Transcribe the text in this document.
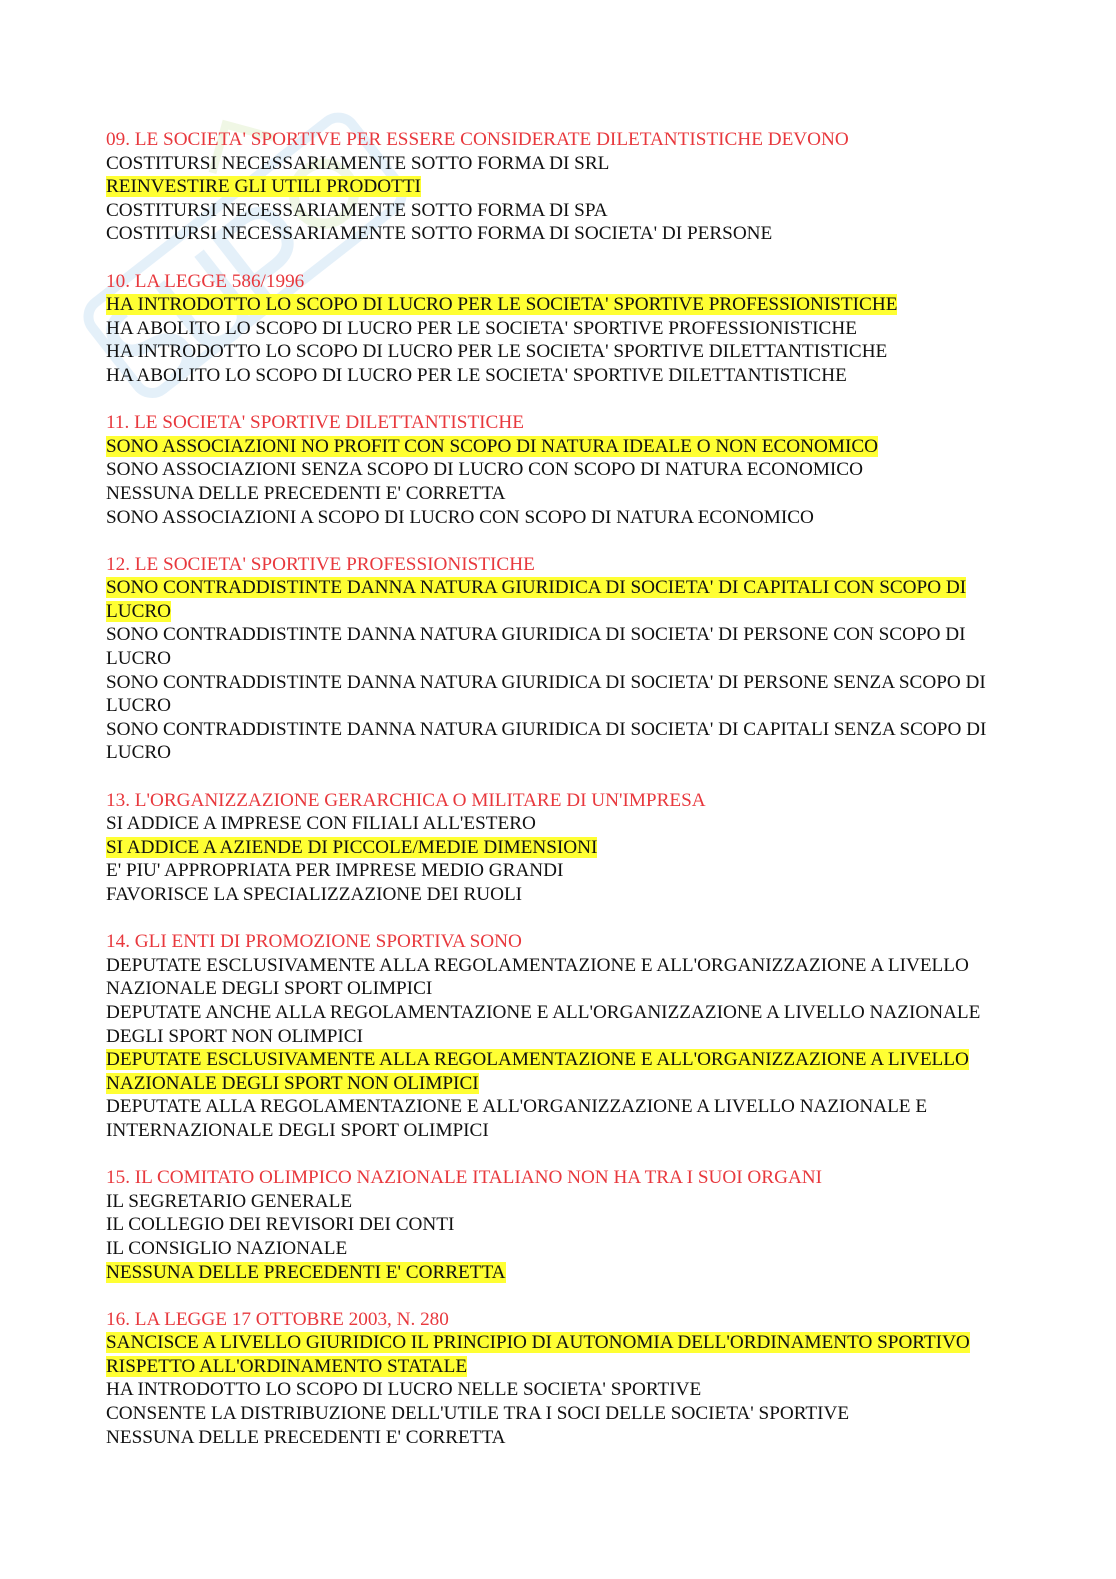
09. LE SOCIETA' SPORTIVE PER ESSERE CONSIDERATE DILETANTISTICHE DEVONO
COSTITURSI NECESSARIAMENTE SOTTO FORMA DI SRL
REINVESTIRE GLI UTILI PRODOTTI
COSTITURSI NECESSARIAMENTE SOTTO FORMA DI SPA
COSTITURSI NECESSARIAMENTE SOTTO FORMA DI SOCIETA' DI PERSONE
10. LA LEGGE 586/1996
HA INTRODOTTO LO SCOPO DI LUCRO PER LE SOCIETA' SPORTIVE PROFESSIONISTICHE
HA ABOLITO LO SCOPO DI LUCRO PER LE SOCIETA' SPORTIVE PROFESSIONISTICHE
HA INTRODOTTO LO SCOPO DI LUCRO PER LE SOCIETA' SPORTIVE DILETTANTISTICHE
HA ABOLITO LO SCOPO DI LUCRO PER LE SOCIETA' SPORTIVE DILETTANTISTICHE
11. LE SOCIETA' SPORTIVE DILETTANTISTICHE
SONO ASSOCIAZIONI NO PROFIT CON SCOPO DI NATURA IDEALE O NON ECONOMICO
SONO ASSOCIAZIONI SENZA SCOPO DI LUCRO CON SCOPO DI NATURA ECONOMICO
NESSUNA DELLE PRECEDENTI E' CORRETTA
SONO ASSOCIAZIONI A SCOPO DI LUCRO CON SCOPO DI NATURA ECONOMICO
12. LE SOCIETA' SPORTIVE PROFESSIONISTICHE
SONO CONTRADDISTINTE DANNA NATURA GIURIDICA DI SOCIETA' DI CAPITALI CON SCOPO DI LUCRO
SONO CONTRADDISTINTE DANNA NATURA GIURIDICA DI SOCIETA' DI PERSONE CON SCOPO DI LUCRO
SONO CONTRADDISTINTE DANNA NATURA GIURIDICA DI SOCIETA' DI PERSONE SENZA SCOPO DI LUCRO
SONO CONTRADDISTINTE DANNA NATURA GIURIDICA DI SOCIETA' DI CAPITALI SENZA SCOPO DI LUCRO
13. L'ORGANIZZAZIONE GERARCHICA O MILITARE DI UN'IMPRESA
SI ADDICE A IMPRESE CON FILIALI ALL'ESTERO
SI ADDICE A AZIENDE DI PICCOLE/MEDIE DIMENSIONI
E' PIU' APPROPRIATA PER IMPRESE MEDIO GRANDI
FAVORISCE LA SPECIALIZZAZIONE DEI RUOLI
14. GLI ENTI DI PROMOZIONE SPORTIVA SONO
DEPUTATE ESCLUSIVAMENTE ALLA REGOLAMENTAZIONE E ALL'ORGANIZZAZIONE A LIVELLO NAZIONALE DEGLI SPORT OLIMPICI
DEPUTATE ANCHE ALLA REGOLAMENTAZIONE E ALL'ORGANIZZAZIONE A LIVELLO NAZIONALE DEGLI SPORT NON OLIMPICI
DEPUTATE ESCLUSIVAMENTE ALLA REGOLAMENTAZIONE E ALL'ORGANIZZAZIONE A LIVELLO NAZIONALE DEGLI SPORT NON OLIMPICI
DEPUTATE ALLA REGOLAMENTAZIONE E ALL'ORGANIZZAZIONE A LIVELLO NAZIONALE E INTERNAZIONALE DEGLI SPORT OLIMPICI
15. IL COMITATO OLIMPICO NAZIONALE ITALIANO NON HA TRA I SUOI ORGANI
IL SEGRETARIO GENERALE
IL COLLEGIO DEI REVISORI DEI CONTI
IL CONSIGLIO NAZIONALE
NESSUNA DELLE PRECEDENTI E' CORRETTA
16. LA LEGGE 17 OTTOBRE 2003, N. 280
SANCISCE A LIVELLO GIURIDICO IL PRINCIPIO DI AUTONOMIA DELL'ORDINAMENTO SPORTIVO RISPETTO ALL'ORDINAMENTO STATALE
HA INTRODOTTO LO SCOPO DI LUCRO NELLE SOCIETA' SPORTIVE
CONSENTE LA DISTRIBUZIONE DELL'UTILE TRA I SOCI DELLE SOCIETA' SPORTIVE
NESSUNA DELLE PRECEDENTI E' CORRETTA
